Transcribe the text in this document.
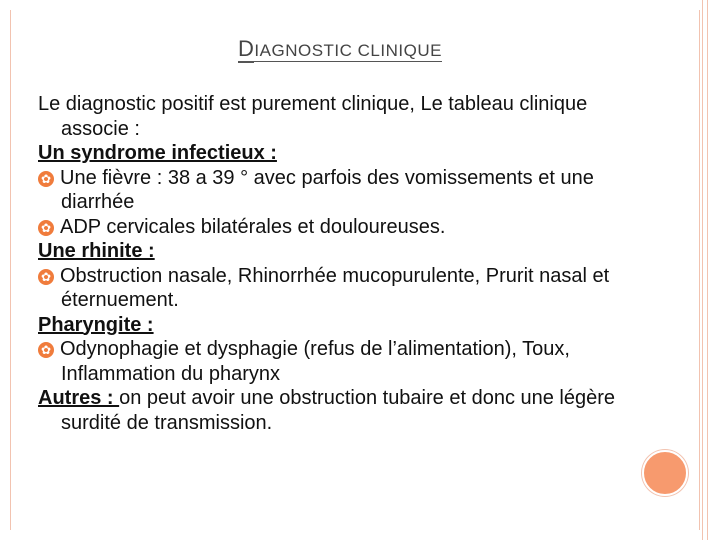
DIAGNOSTIC CLINIQUE

Le diagnostic positif est purement clinique, Le tableau clinique associe :

Un syndrome infectieux :

✿ Une fièvre : 38 a 39 ° avec parfois des vomissements et une diarrhée

✿ ADP cervicales bilatérales et douloureuses.

Une rhinite :

✿ Obstruction nasale, Rhinorrhée mucopurulente, Prurit nasal et éternuement.

Pharyngite :

✿ Odynophagie et dysphagie (refus de l’alimentation), Toux, Inflammation du pharynx

Autres : on peut avoir une obstruction tubaire et donc une légère surdité de transmission.
